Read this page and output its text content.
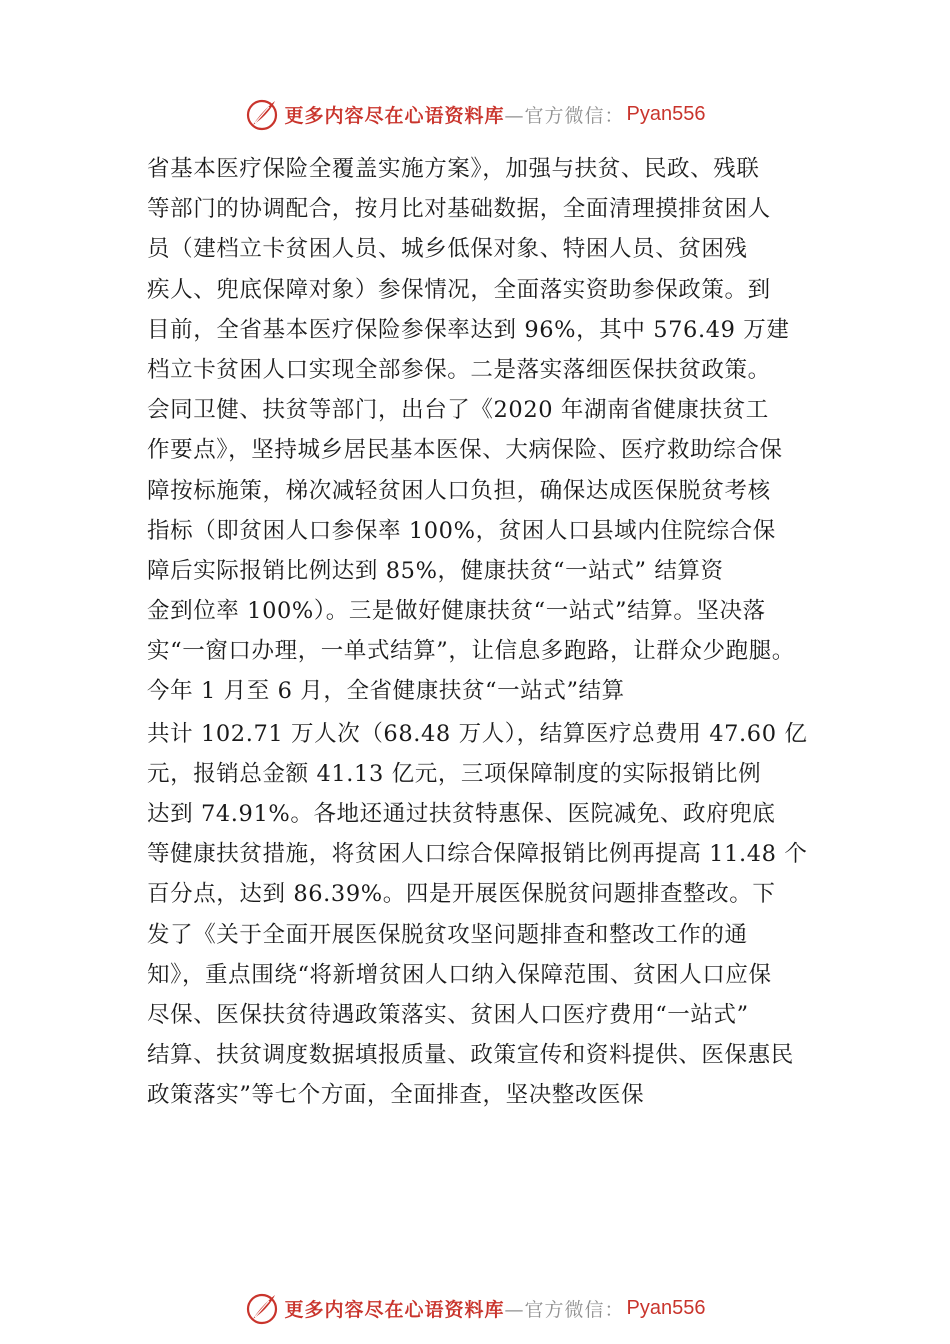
更多内容尽在心语资料库 —官方微信： Pyan556
省基本医疗保险全覆盖实施方案》，加强与扶贫、民政、残联
等部门的协调配合，按月比对基础数据，全面清理摸排贫困人
员（建档立卡贫困人员、城乡低保对象、特困人员、贫困残
疾人、兜底保障对象）参保情况，全面落实资助参保政策。到
目前，全省基本医疗保险参保率达到 96%，其中 576.49 万建
档立卡贫困人口实现全部参保。二是落实落细医保扶贫政策。
会同卫健、扶贫等部门，出台了《2020 年湖南省健康扶贫工
作要点》，坚持城乡居民基本医保、大病保险、医疗救助综合保
障按标施策，梯次减轻贫困人口负担，确保达成医保脱贫考核
指标（即贫困人口参保率 100%，贫困人口县域内住院综合保
障后实际报销比例达到 85%，健康扶贫“一站式” 结算资
金到位率 100%）。三是做好健康扶贫“一站式”结算。坚决落
实“一窗口办理，一单式结算”，让信息多跑路，让群众少跑腿。
今年 1 月至 6 月，全省健康扶贫“一站式”结算
共计 102.71 万人次（68.48 万人），结算医疗总费用 47.60 亿
元，报销总金额 41.13 亿元，三项保障制度的实际报销比例
达到 74.91%。各地还通过扶贫特惠保、医院减免、政府兜底
等健康扶贫措施，将贫困人口综合保障报销比例再提高 11.48 个
百分点，达到 86.39%。四是开展医保脱贫问题排查整改。下
发了《关于全面开展医保脱贫攻坚问题排查和整改工作的通
知》，重点围绕“将新增贫困人口纳入保障范围、贫困人口应保
尽保、医保扶贫待遇政策落实、贫困人口医疗费用“一站式”
结算、扶贫调度数据填报质量、政策宣传和资料提供、医保惠民
政策落实”等七个方面，全面排查，坚决整改医保
更多内容尽在心语资料库 —官方微信： Pyan556
